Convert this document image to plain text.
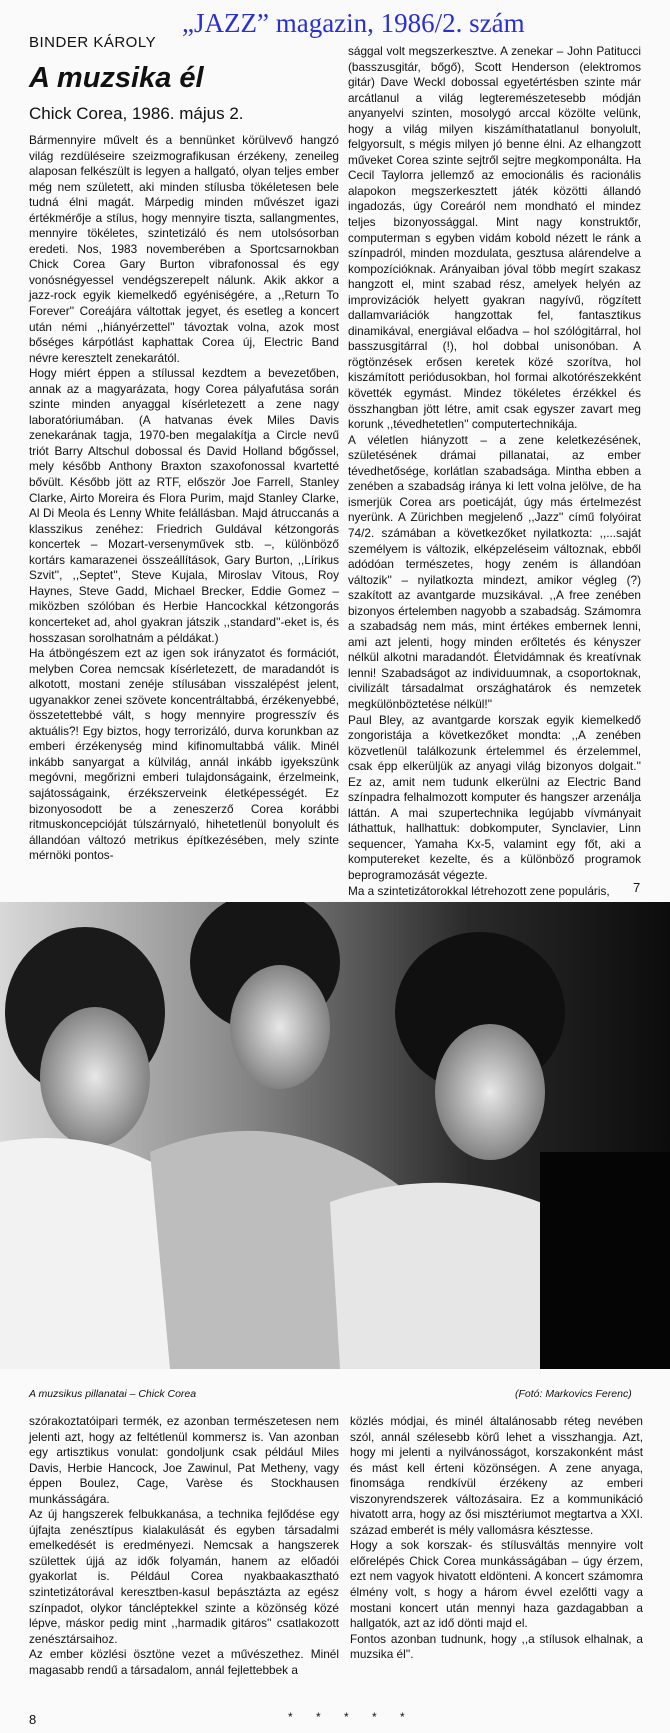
„JAZZ” magazin, 1986/2. szám
BINDER KÁROLY
A muzsika él
Chick Corea, 1986. május 2.

Bármennyire művelt és a bennünket körülvevő hangzó világ rezdüléseire szeizmografikusan érzékeny, zeneileg alaposan felkészült is legyen a hallgató, olyan teljes ember még nem született, aki minden stílusba tökéletesen bele tudná élni magát. Márpedig minden művészet igazi értékmérője a stílus, hogy mennyire tiszta, sallangmentes, mennyire tökéletes, szintetizáló és nem utolsósorban eredeti. Nos, 1983 novemberében a Sportcsarnokban Chick Corea Gary Burton vibrafonossal és egy vonósnégyessel vendégszerepelt nálunk. Akik akkor a jazz-rock egyik kiemelkedő egyéniségére, a ,,Return To Forever'' Coreájára váltottak jegyet, és esetleg a koncert után némi ,,hiányérzettel'' távoztak volna, azok most bőséges kárpótlást kaphattak Corea új, Electric Band névre keresztelt zenekarától.

Hogy miért éppen a stílussal kezdtem a bevezetőben, annak az a magyarázata, hogy Corea pályafutása során szinte minden anyaggal kísérletezett a zene nagy laboratóriumában. (A hatvanas évek Miles Davis zenekarának tagja, 1970-ben megalakítja a Circle nevű triót Barry Altschul dobossal és David Holland bőgőssel, mely később Anthony Braxton szaxofonossal kvartetté bővült. Később jött az RTF, először Joe Farrell, Stanley Clarke, Airto Moreira és Flora Purim, majd Stanley Clarke, Al Di Meola és Lenny White felállásban. Majd átruccanás a klasszikus zenéhez: Friedrich Guldával kétzongorás koncertek – Mozart-versenyművek stb. –, különböző kortárs kamarazenei összeállítások, Gary Burton, ,,Lírikus Szvit'', ,,Septet'', Steve Kujala, Miroslav Vitous, Roy Haynes, Steve Gadd, Michael Brecker, Eddie Gomez – miközben szólóban és Herbie Hancockkal kétzongorás koncerteket ad, ahol gyakran játszik ,,standard''-eket is, és hosszasan sorolhatnám a példákat.)

Ha átböngészem ezt az igen sok irányzatot és formációt, melyben Corea nemcsak kísérletezett, de maradandót is alkotott, mostani zenéje stílusában visszalépést jelent, ugyanakkor zenei szövete koncentráltabbá, érzékenyebbé, összetettebbé vált, s hogy mennyire progresszív és aktuális?! Egy biztos, hogy terrorizáló, durva korunkban az emberi érzékenység mind kifinomultabbá válik. Minél inkább sanyargat a külvilág, annál inkább igyekszünk megóvni, megőrizni emberi tulajdonságaink, érzelmeink, sajátosságaink, érzékszerveink életképességét. Ez bizonyosodott be a zeneszerző Corea korábbi ritmuskoncepcióját túlszárnyaló, hihetetlenül bonyolult és állandóan változó metrikus építkezésében, mely szinte mérnöki pontos-

sággal volt megszerkesztve. A zenekar – John Patitucci (basszusgitár, bőgő), Scott Henderson (elektromos gitár) Dave Weckl dobossal egyetértésben szinte már arcátlanul a világ legteremészetesebb módján anyanyelvi szinten, mosolygó arccal közölte velünk, hogy a világ milyen kiszámíthatatlanul bonyolult, felgyorsult, s mégis milyen jó benne élni. Az elhangzott műveket Corea szinte sejtről sejtre megkomponálta. Ha Cecil Taylorra jellemző az emocionális és racionális alapokon megszerkesztett játék közötti állandó ingadozás, úgy Coreáról nem mondható el mindez teljes bizonyossággal. Mint nagy konstruktőr, computerman s egyben vidám kobold nézett le ránk a színpadról, minden mozdulata, gesztusa alárendelve a kompozícióknak. Arányaiban jóval több megírt szakasz hangzott el, mint szabad rész, amelyek helyén az improvizációk helyett gyakran nagyívű, rögzített dallamvariációk hangzottak fel, fantasztikus dinamikával, energiával előadva – hol szólógitárral, hol basszusgitárral (!), hol dobbal unisonóban. A rögtönzések erősen keretek közé szorítva, hol kiszámított periódusokban, hol formai alkotórészekként követték egymást. Mindez tökéletes érzékkel és összhangban jött létre, amit csak egyszer zavart meg korunk ,,tévedhetetlen'' computertechnikája.

A véletlen hiányzott – a zene keletkezésének, születésének drámai pillanatai, az ember tévedhetősége, korlátlan szabadsága. Mintha ebben a zenében a szabadság iránya ki lett volna jelölve, de ha ismerjük Corea ars poeticáját, úgy más értelmezést nyerünk. A Zürichben megjelenő ,,Jazz'' című folyóirat 74/2. számában a következőket nyilatkozta: ,,...saját személyem is változik, elképzeléseim változnak, ebből adódóan természetes, hogy zeném is állandóan változik'' – nyilatkozta mindezt, amikor végleg (?) szakított az avantgarde muzsikával. ,,A free zenében bizonyos értelemben nagyobb a szabadság. Számomra a szabadság nem más, mint értékes embernek lenni, ami azt jelenti, hogy minden erőltetés és kényszer nélkül alkotni maradandót. Életvidámnak és kreatívnak lenni! Szabadságot az individuumnak, a csoportoknak, civilizált társadalmat országhatárok és nemzetek megkülönböztetése nélkül!''

Paul Bley, az avantgarde korszak egyik kiemelkedő zongoristája a következőket mondta: ,,A zenében közvetlenül találkozunk értelemmel és érzelemmel, csak épp elkerüljük az anyagi világ bizonyos dolgait.'' Ez az, amit nem tudunk elkerülni az Electric Band színpadra felhalmozott komputer és hangszer arzenálja láttán. A mai szupertechnika legújabb vívmányait láthattuk, hallhattuk: dobkomputer, Synclavier, Linn sequencer, Yamaha Kx-5, valamint egy főt, aki a komputereket kezelte, és a különböző programok beprogramozását végezte.

Ma a szintetizátorokkal létrehozott zene populáris,	7
A muzsikus pillanatai – Chick Corea	(Fotó: Markovics Ferenc)

szórakoztatóipari termék, ez azonban természetesen nem jelenti azt, hogy az feltétlenül kommersz is. Van azonban egy artisztikus vonulat: gondoljunk csak például Miles Davis, Herbie Hancock, Joe Zawinul, Pat Metheny, vagy éppen Boulez, Cage, Varèse és Stockhausen munkásságára.

Az új hangszerek felbukkanása, a technika fejlődése egy újfajta zenésztípus kialakulását és egyben társadalmi emelkedését is eredményezi. Nemcsak a hangszerek születtek újjá az idők folyamán, hanem az előadói gyakorlat is. Például Corea nyakbaakasztható szintetizátorával keresztben-kasul bepásztázta az egész színpadot, olykor táncléptekkel szinte a közönség közé lépve, máskor pedig mint ,,harmadik gitáros'' csatlakozott zenésztársaihoz.

Az ember közlési ösztöne vezet a művészethez. Minél magasabb rendű a társadalom, annál fejlettebbek a

közlés módjai, és minél általánosabb réteg nevében szól, annál szélesebb körű lehet a visszhangja. Azt, hogy mi jelenti a nyilvánosságot, korszakonként mást és mást kell érteni közönségen. A zene anyaga, finomsága rendkívül érzékeny az emberi viszonyrendszerek változásaira. Ez a kommunikáció hivatott arra, hogy az ősi misztériumot megtartva a XXI. század emberét is mély vallomásra késztesse.

Hogy a sok korszak- és stílusváltás mennyire volt előrelépés Chick Corea munkásságában – úgy érzem, ezt nem vagyok hivatott eldönteni. A koncert számomra élmény volt, s hogy a három évvel ezelőtti vagy a mostani koncert után mennyi haza gazdagabban a hallgatók, azt az idő dönti majd el.

Fontos azonban tudnunk, hogy ,,a stílusok elhalnak, a muzsika él''.

* * * * *
8
